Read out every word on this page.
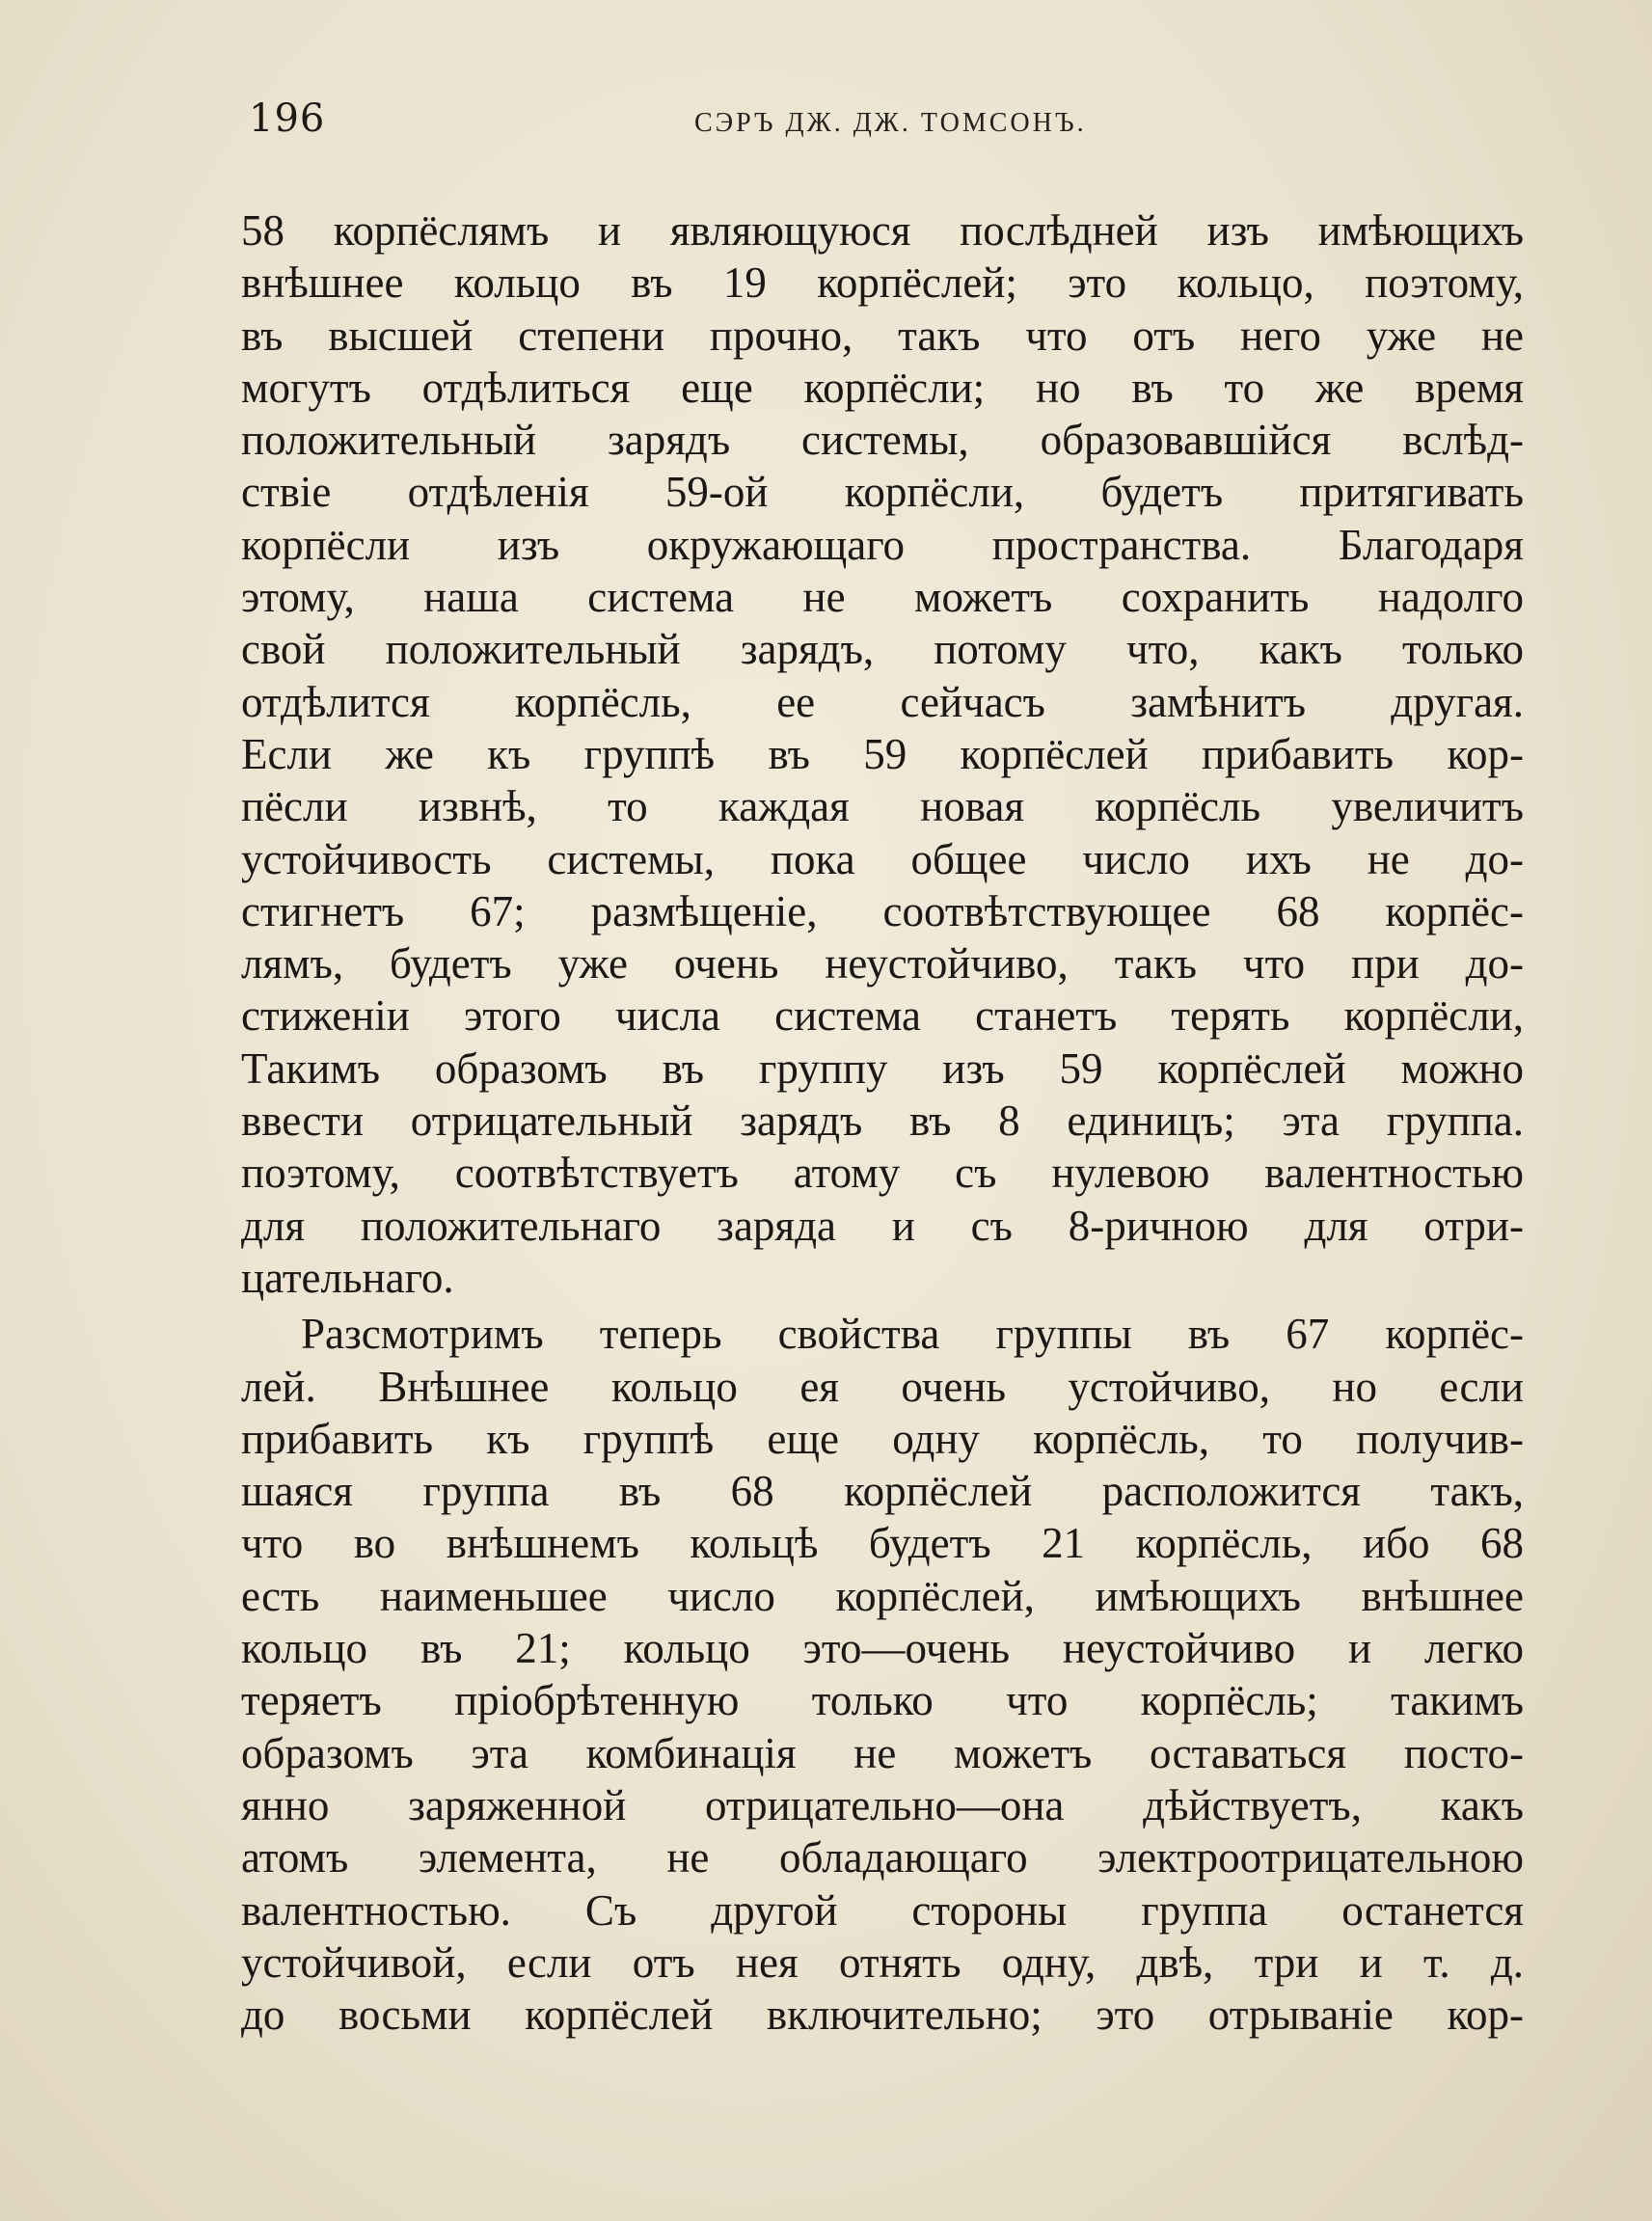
196	СЭРЪ ДЖ. ДЖ. ТОМСОНЪ.
58 корпёслямъ и являющуюся послѣдней изъ имѣющихъ
внѣшнее кольцо въ 19 корпёслей; это кольцо, поэтому,
въ высшей степени прочно, такъ что отъ него уже не
могутъ отдѣлиться еще корпёсли; но въ то же время
положительный зарядъ системы, образовавшійся вслѣд-
ствіе отдѣленія 59-ой корпёсли, будетъ притягивать
корпёсли изъ окружающаго пространства. Благодаря
этому, наша система не можетъ сохранить надолго
свой положительный зарядъ, потому что, какъ только
отдѣлится корпёсль, ее сейчасъ замѣнитъ другая.
Если же къ группѣ въ 59 корпёслей прибавить кор-
пёсли извнѣ, то каждая новая корпёсль увеличитъ
устойчивость системы, пока общее число ихъ не до-
стигнетъ 67; размѣщеніе, соотвѣтствующее 68 корпёс-
лямъ, будетъ уже очень неустойчиво, такъ что при до-
стиженіи этого числа система станетъ терять корпёсли,
Такимъ образомъ въ группу изъ 59 корпёслей можно
ввести отрицательный зарядъ въ 8 единицъ; эта группа.
поэтому, соотвѣтствуетъ атому съ нулевою валентностью
для положительнаго заряда и съ 8-ричною для отри-
цательнаго.
Разсмотримъ теперь свойства группы въ 67 корпёс-
лей. Внѣшнее кольцо ея очень устойчиво, но если
прибавить къ группѣ еще одну корпёсль, то получив-
шаяся группа въ 68 корпёслей расположится такъ,
что во внѣшнемъ кольцѣ будетъ 21 корпёсль, ибо 68
есть наименьшее число корпёслей, имѣющихъ внѣшнее
кольцо въ 21; кольцо это—очень неустойчиво и легко
теряетъ пріобрѣтенную только что корпёсль; такимъ
образомъ эта комбинація не можетъ оставаться посто-
янно заряженной отрицательно—она дѣйствуетъ, какъ
атомъ элемента, не обладающаго электроотрицательною
валентностью. Съ другой стороны группа останется
устойчивой, если отъ нея отнять одну, двѣ, три и т. д.
до восьми корпёслей включительно; это отрываніе кор-
